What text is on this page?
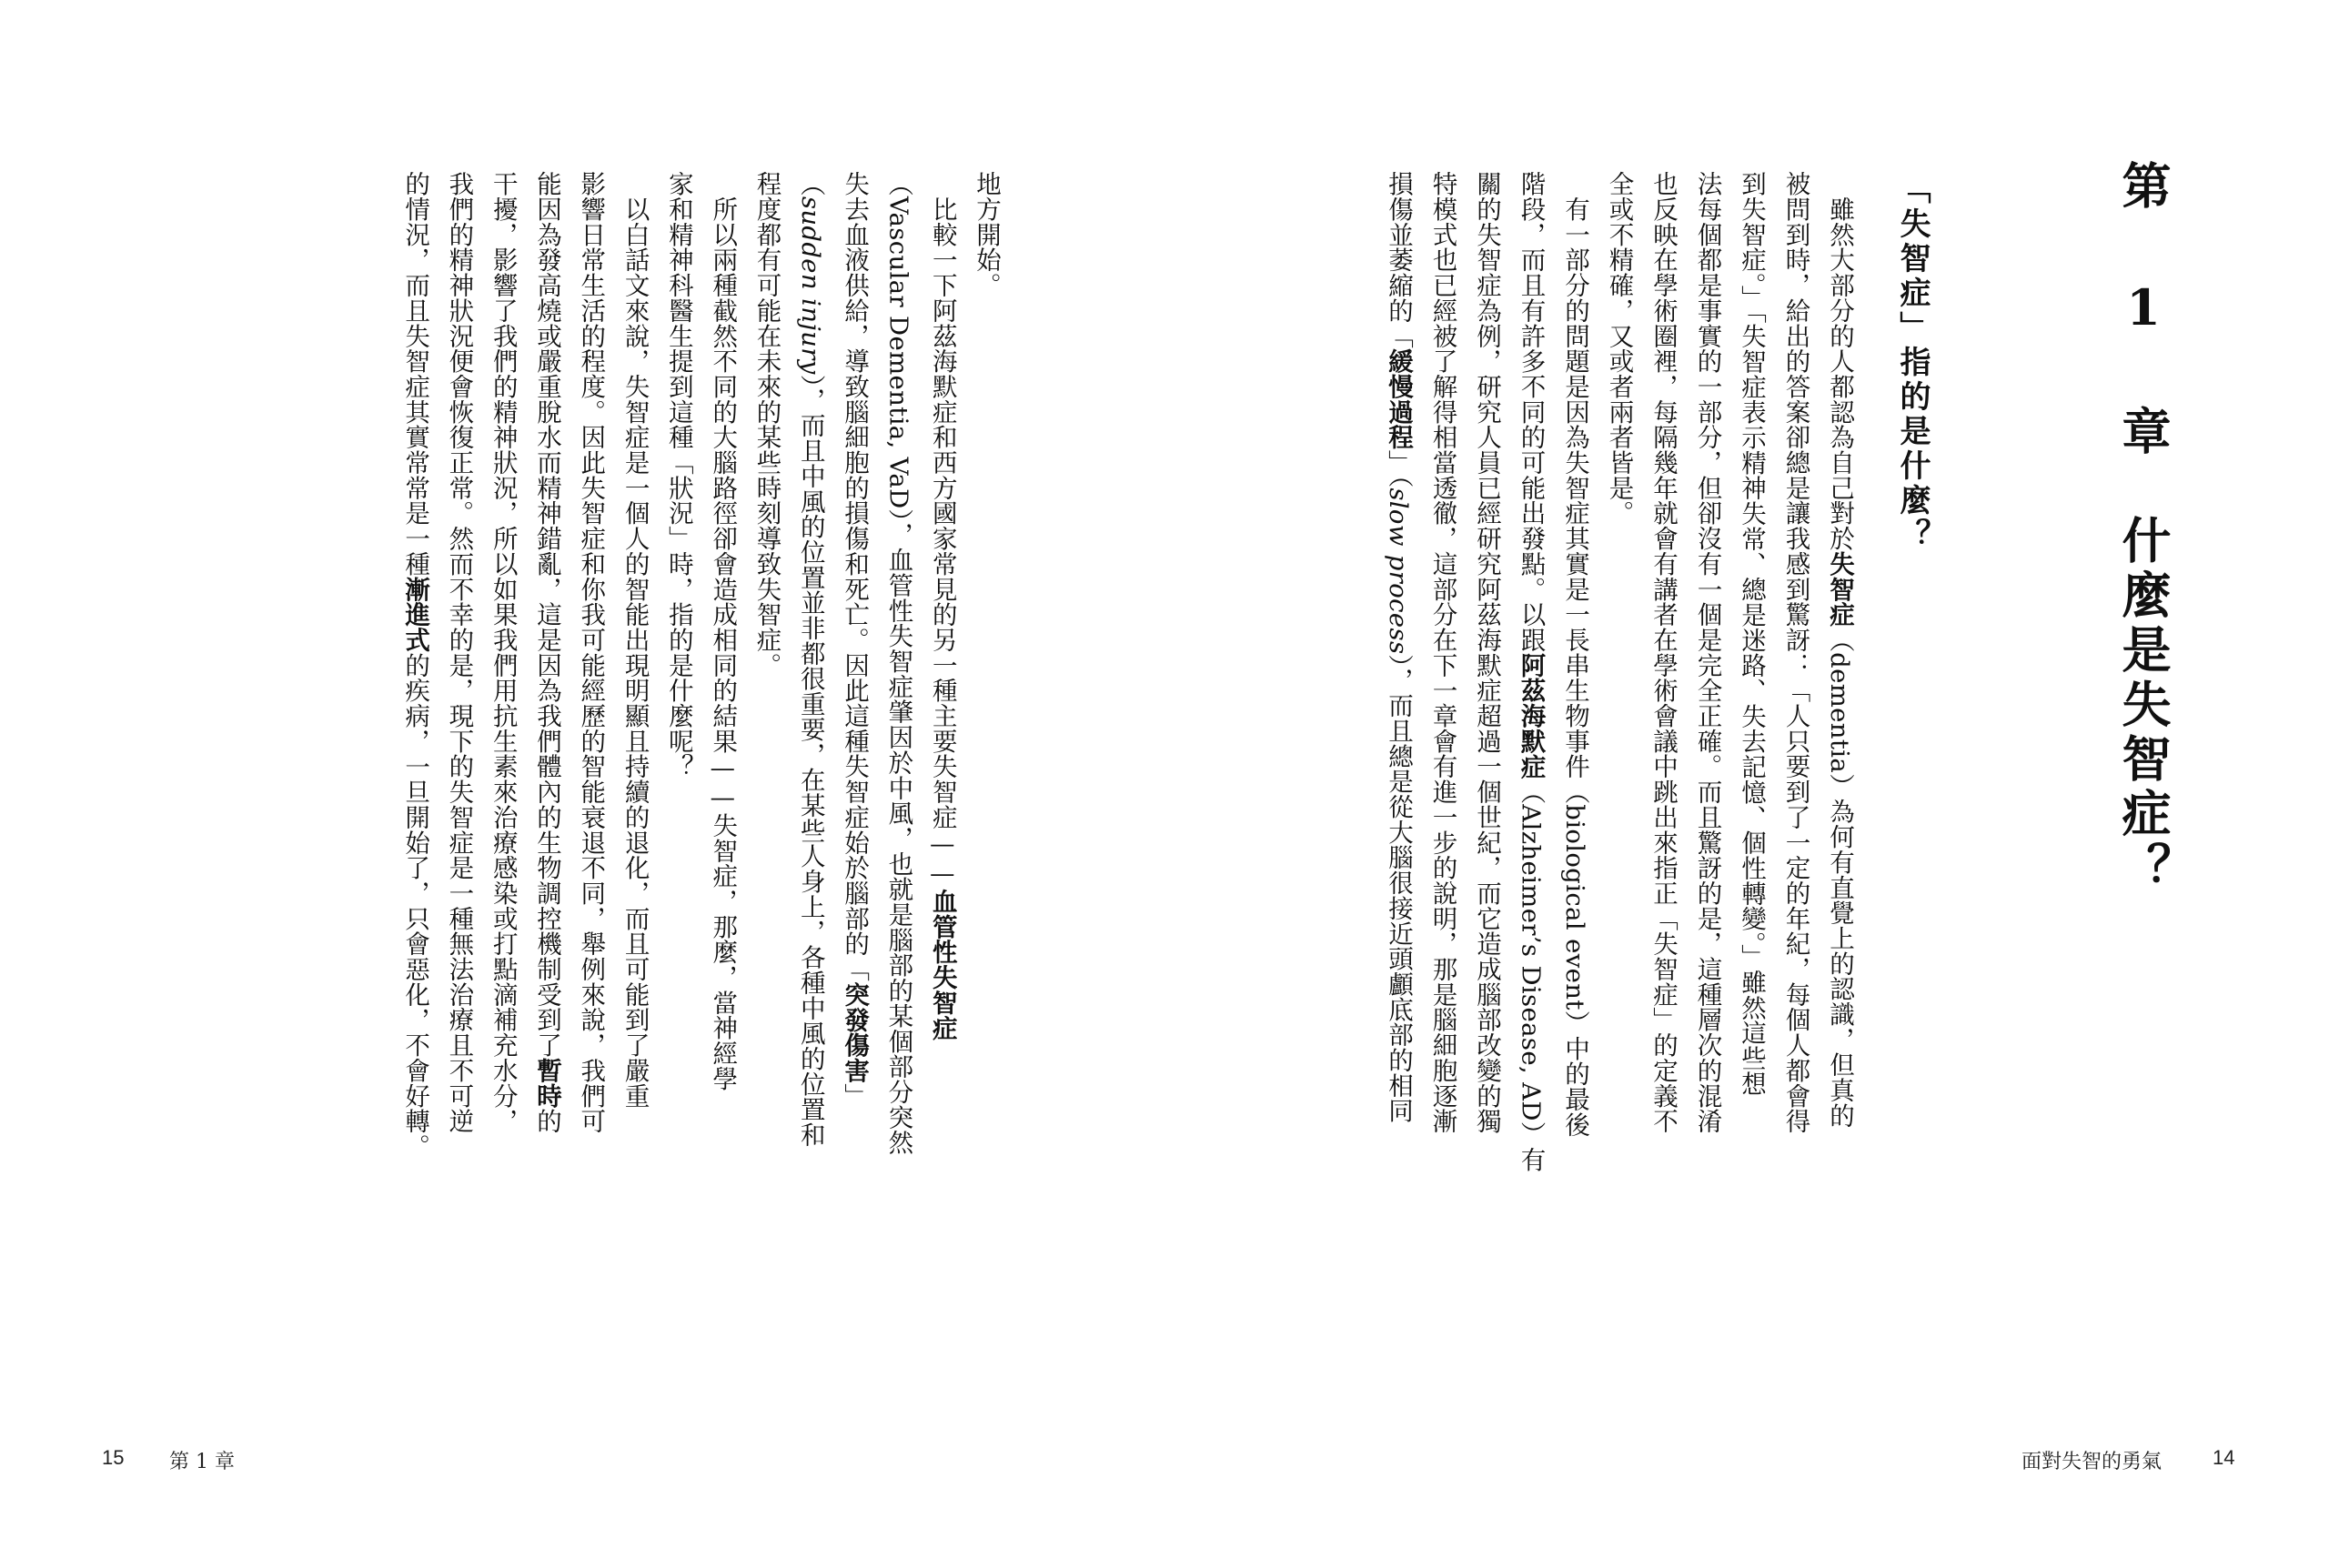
第 1 章　什麼是失智症？
「失智症」指的是什麼？
　雖然大部分的人都認為自己對於失智症（dementia）為何有直覺上的認識，但真的
被問到時，給出的答案卻總是讓我感到驚訝：「人只要到了一定的年紀，每個人都會得
到失智症。」「失智症表示精神失常、總是迷路、失去記憶、個性轉變。」雖然這些想
法每個都是事實的一部分，但卻沒有一個是完全正確。而且驚訝的是，這種層次的混淆
也反映在學術圈裡，每隔幾年就會有講者在學術會議中跳出來指正「失智症」的定義不
全或不精確，又或者兩者皆是。
　有一部分的問題是因為失智症其實是一長串生物事件（biological event）中的最後
階段，而且有許多不同的可能出發點。以跟阿茲海默症（Alzheimer’s Disease, AD）有
關的失智症為例，研究人員已經研究阿茲海默症超過一個世紀，而它造成腦部改變的獨
特模式也已經被了解得相當透徹，這部分在下一章會有進一步的說明，那是腦細胞逐漸
損傷並萎縮的「緩慢過程」（slow process），而且總是從大腦很接近頭顱底部的相同
面對失智的勇氣	14
地方開始。
　比較一下阿茲海默症和西方國家常見的另一種主要失智症——血管性失智症
（Vascular Dementia, VaD），血管性失智症肇因於中風，也就是腦部的某個部分突然
失去血液供給，導致腦細胞的損傷和死亡。因此這種失智症始於腦部的「突發傷害」
（sudden injury），而且中風的位置並非都很重要，在某些人身上，各種中風的位置和
程度都有可能在未來的某些時刻導致失智症。
　所以兩種截然不同的大腦路徑卻會造成相同的結果——失智症，那麼，當神經學
家和精神科醫生提到這種「狀況」時，指的是什麼呢？
　以白話文來說，失智症是一個人的智能出現明顯且持續的退化，而且可能到了嚴重
影響日常生活的程度。因此失智症和你我可能經歷的智能衰退不同，舉例來說，我們可
能因為發高燒或嚴重脫水而精神錯亂，這是因為我們體內的生物調控機制受到了暫時的
干擾，影響了我們的精神狀況，所以如果我們用抗生素來治療感染或打點滴補充水分，
我們的精神狀況便會恢復正常。然而不幸的是，現下的失智症是一種無法治療且不可逆
的情況，而且失智症其實常常是一種漸進式的疾病，一旦開始了，只會惡化，不會好轉。
15 第 1 章
